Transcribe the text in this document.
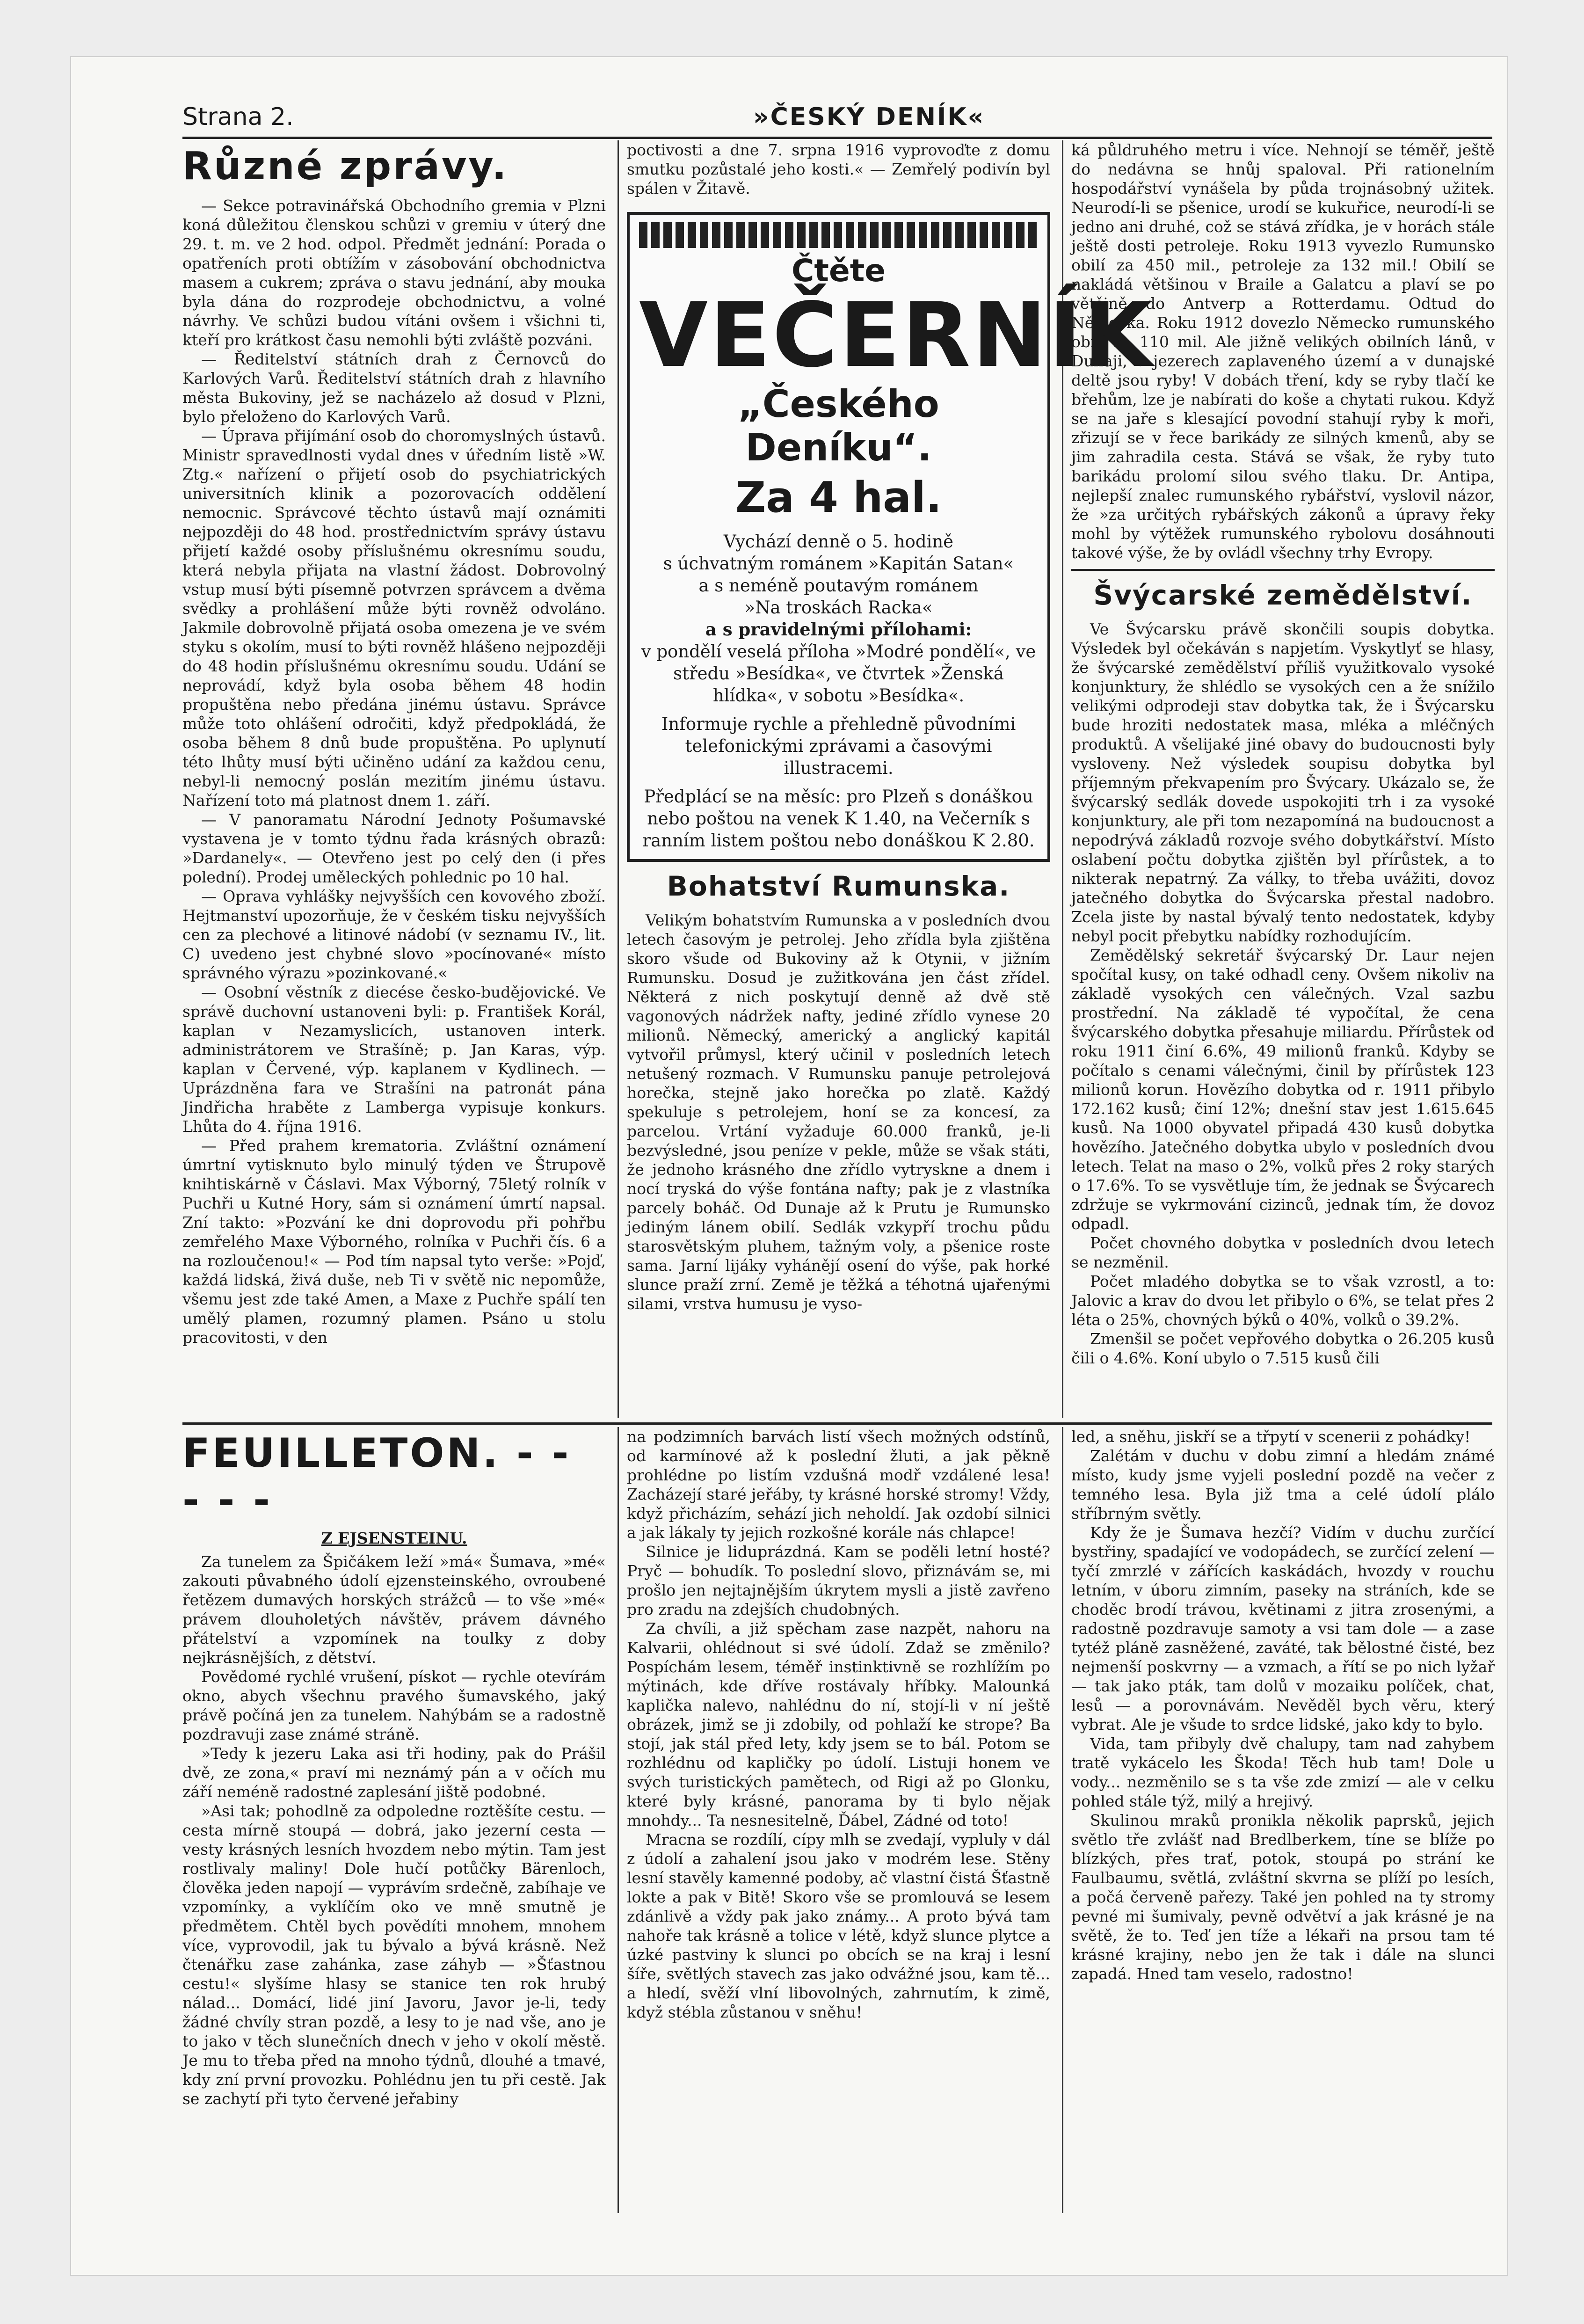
Strana 2.	»ČESKÝ DENÍK«
Různé zprávy.

— Sekce potravinářská Obchodního gremia v Plzni koná důležitou členskou schůzi v gremiu v úterý dne 29. t. m. ve 2 hod. odpol. Předmět jednání: Porada o opatřeních proti obtížím v zásobování obchodnictva masem a cukrem; zpráva o stavu jednání, aby mouka byla dána do rozprodeje obchodnictvu, a volné návrhy. Ve schůzi budou vítáni ovšem i všichni ti, kteří pro krátkost času nemohli býti zvláště pozváni.

— Ředitelství státních drah z Černovců do Karlových Varů. Ředitelství státních drah z hlavního města Bukoviny, jež se nacházelo až dosud v Plzni, bylo přeloženo do Karlových Varů.

— Úprava přijímání osob do choromyslných ústavů. Ministr spravedlnosti vydal dnes v úředním listě »W. Ztg.« nařízení o přijetí osob do psychiatrických universitních klinik a pozorovacích oddělení nemocnic. Správcové těchto ústavů mají oznámiti nejpozději do 48 hod. prostřednictvím správy ústavu přijetí každé osoby příslušnému okresnímu soudu, která nebyla přijata na vlastní žádost. Dobrovolný vstup musí býti písemně potvrzen správcem a dvěma svědky a prohlášení může býti rovněž odvoláno. Jakmile dobrovolně přijatá osoba omezena je ve svém styku s okolím, musí to býti rovněž hlášeno nejpozději do 48 hodin příslušnému okresnímu soudu. Udání se neprovádí, když byla osoba během 48 hodin propuštěna nebo předána jinému ústavu. Správce může toto ohlášení odročiti, když předpokládá, že osoba během 8 dnů bude propuštěna. Po uplynutí této lhůty musí býti učiněno udání za každou cenu, nebyl-li nemocný poslán mezitím jinému ústavu. Nařízení toto má platnost dnem 1. září.

— V panoramatu Národní Jednoty Pošumavské vystavena je v tomto týdnu řada krásných obrazů: »Dardanely«. — Otevřeno jest po celý den (i přes polední). Prodej uměleckých pohlednic po 10 hal.

— Oprava vyhlášky nejvyšších cen kovového zboží. Hejtmanství upozorňuje, že v českém tisku nejvyšších cen za plechové a litinové nádobí (v seznamu IV., lit. C) uvedeno jest chybné slovo »pocínované« místo správného výrazu »pozinkované.«

— Osobní věstník z diecése česko-budějovické. Ve správě duchovní ustanoveni byli: p. František Korál, kaplan v Nezamyslicích, ustanoven interk. administrátorem ve Strašíně; p. Jan Karas, výp. kaplan v Červené, výp. kaplanem v Kydlinech. — Uprázdněna fara ve Strašíni na patronát pána Jindřicha hraběte z Lamberga vypisuje konkurs. Lhůta do 4. října 1916.

— Před prahem krematoria. Zvláštní oznámení úmrtní vytisknuto bylo minulý týden ve Štrupově knihtiskárně v Čáslavi. Max Výborný, 75letý rolník v Puchři u Kutné Hory, sám si oznámení úmrtí napsal. Zní takto: »Pozvání ke dni doprovodu při pohřbu zemřelého Maxe Výborného, rolníka v Puchři čís. 6 a na rozloučenou!« — Pod tím napsal tyto verše: »Pojď, každá lidská, živá duše, neb Ti v světě nic nepomůže, všemu jest zde také Amen, a Maxe z Puchře spálí ten umělý plamen, rozumný plamen. Psáno u stolu pracovitosti, v den

poctivosti a dne 7. srpna 1916 vyprovoďte z domu smutku pozůstalé jeho kosti.« — Zemřelý podivín byl spálen v Žitavě.

Čtěte
VEČERNÍK
„Českého Deníku“.
Za 4 hal.
Vychází denně o 5. hodině
s úchvatným románem »Kapitán Satan«
a s neméně poutavým románem
»Na troskách Racka«
a s pravidelnými přílohami:
v pondělí veselá příloha »Modré pondělí«, ve středu »Besídka«, ve čtvrtek »Ženská hlídka«, v sobotu »Besídka«.
Informuje rychle a přehledně původními telefonickými zprávami a časovými illustracemi.
Předplácí se na měsíc: pro Plzeň s donáškou nebo poštou na venek K 1.40, na Večerník s ranním listem poštou nebo donáškou K 2.80.
Bohatství Rumunska.

Velikým bohatstvím Rumunska a v posledních dvou letech časovým je petrolej. Jeho zřídla byla zjištěna skoro všude od Bukoviny až k Otynii, v jižním Rumunsku. Dosud je zužitkována jen část zřídel. Některá z nich poskytují denně až dvě stě vagonových nádržek nafty, jediné zřídlo vynese 20 milionů. Německý, americký a anglický kapitál vytvořil průmysl, který učinil v posledních letech netušený rozmach. V Rumunsku panuje petrolejová horečka, stejně jako horečka po zlatě. Každý spekuluje s petrolejem, honí se za koncesí, za parcelou. Vrtání vyžaduje 60.000 franků, je-li bezvýsledné, jsou peníze v pekle, může se však státi, že jednoho krásného dne zřídlo vytryskne a dnem i nocí tryská do výše fontána nafty; pak je z vlastníka parcely boháč. Od Dunaje až k Prutu je Rumunsko jediným lánem obilí. Sedlák vzkypří trochu půdu starosvětským pluhem, tažným voly, a pšenice roste sama. Jarní lijáky vyhánějí osení do výše, pak horké slunce praží zrní. Země je těžká a téhotná ujařenými silami, vrstva humusu je vyso-

ká půldruhého metru i více. Nehnojí se téměř, ještě do nedávna se hnůj spaloval. Při rationelním hospodářství vynášela by půda trojnásobný užitek. Neurodí-li se pšenice, urodí se kukuřice, neurodí-li se jedno ani druhé, což se stává zřídka, je v horách stále ještě dosti petroleje. Roku 1913 vyvezlo Rumunsko obilí za 450 mil., petroleje za 132 mil.! Obilí se nakládá většinou v Braile a Galatcu a plaví se po většině do Antverp a Rotterdamu. Odtud do Německa. Roku 1912 dovezlo Německo rumunského obilí za 110 mil. Ale jižně velikých obilních lánů, v Dunaji, v jezerech zaplaveného území a v dunajské deltě jsou ryby! V dobách tření, kdy se ryby tlačí ke břehům, lze je nabírati do koše a chytati rukou. Když se na jaře s klesající povodní stahují ryby k moři, zřizují se v řece barikády ze silných kmenů, aby se jim zahradila cesta. Stává se však, že ryby tuto barikádu prolomí silou svého tlaku. Dr. Antipa, nejlepší znalec rumunského rybářství, vyslovil názor, že »za určitých rybářských zákonů a úpravy řeky mohl by výtěžek rumunského rybolovu dosáhnouti takové výše, že by ovládl všechny trhy Evropy.

Švýcarské zemědělství.

Ve Švýcarsku právě skončili soupis dobytka. Výsledek byl očekáván s napjetím. Vyskytlyť se hlasy, že švýcarské zemědělství příliš využitkovalo vysoké konjunktury, že shlédlo se vysokých cen a že snížilo velikými odprodeji stav dobytka tak, že i Švýcarsku bude hroziti nedostatek masa, mléka a mléčných produktů. A všelijaké jiné obavy do budoucnosti byly vysloveny. Než výsledek soupisu dobytka byl příjemným překvapením pro Švýcary. Ukázalo se, že švýcarský sedlák dovede uspokojiti trh i za vysoké konjunktury, ale při tom nezapomíná na budoucnost a nepodrývá základů rozvoje svého dobytkářství. Místo oslabení počtu dobytka zjištěn byl přírůstek, a to nikterak nepatrný. Za války, to třeba uvážiti, dovoz jatečného dobytka do Švýcarska přestal nadobro. Zcela jiste by nastal bývalý tento nedostatek, kdyby nebyl pocit přebytku nabídky rozhodujícím.

Zemědělský sekretář švýcarský Dr. Laur nejen spočítal kusy, on také odhadl ceny. Ovšem nikoliv na základě vysokých cen válečných. Vzal sazbu prostřední. Na základě té vypočítal, že cena švýcarského dobytka přesahuje miliardu. Přírůstek od roku 1911 činí 6.6%, 49 milionů franků. Kdyby se počítalo s cenami válečnými, činil by přírůstek 123 milionů korun. Hovězího dobytka od r. 1911 přibylo 172.162 kusů; činí 12%; dnešní stav jest 1.615.645 kusů. Na 1000 obyvatel připadá 430 kusů dobytka hovězího. Jatečného dobytka ubylo v posledních dvou letech. Telat na maso o 2%, volků přes 2 roky starých o 17.6%. To se vysvětluje tím, že jednak se Švýcarech zdržuje se vykrmování cizinců, jednak tím, že dovoz odpadl.

Počet chovného dobytka v posledních dvou letech se nezměnil.

Počet mladého dobytka se to však vzrostl, a to: Jalovic a krav do dvou let přibylo o 6%, se telat přes 2 léta o 25%, chovných býků o 40%, volků o 39.2%.

Zmenšil se počet vepřového dobytka o 26.205 kusů čili o 4.6%. Koní ubylo o 7.515 kusů čili

FEUILLETON. - - - - -
Z EJSENSTEINU.

Za tunelem za Špičákem leží »má« Šumava, »mé« zakouti půvabného údolí ejzensteinského, ovroubené řetězem dumavých horských strážců — to vše »mé« právem dlouholetých návštěv, právem dávného přátelství a vzpomínek na toulky z doby nejkrásnějších, z dětství.

Povědomé rychlé vrušení, pískot — rychle otevírám okno, abych všechnu pravého šumavského, jaký právě počíná jen za tunelem. Nahýbám se a radostně pozdravuji zase známé stráně.

»Tedy k jezeru Laka asi tři hodiny, pak do Prášil dvě, ze zona,« praví mi neznámý pán a v očích mu září neméně radostné zaplesání jiště podobné.

»Asi tak; pohodlně za odpoledne roztěšíte cestu. — cesta mírně stoupá — dobrá, jako jezerní cesta — vesty krásných lesních hvozdem nebo mýtin. Tam jest rostlivaly maliny! Dole hučí potůčky Bärenloch, člověka jeden napojí — vyprávím srdečně, zabíhaje ve vzpomínky, a vyklíčím oko ve mně smutně je předmětem. Chtěl bych povědíti mnohem, mnohem více, vyprovodil, jak tu bývalo a bývá krásně. Než čtenářku zase zahánka, zase záhyb — »Šťastnou cestu!« slyšíme hlasy se stanice ten rok hrubý nálad... Domácí, lidé jiní Javoru, Javor je-li, tedy žádné chvíly stran pozdě, a lesy to je nad vše, ano je to jako v těch slunečních dnech v jeho v okolí městě. Je mu to třeba před na mnoho týdnů, dlouhé a tmavé, kdy zní první provozku. Pohlédnu jen tu při cestě. Jak se zachytí při tyto červené jeřabiny

na podzimních barvách listí všech možných odstínů, od karmínové až k poslední žluti, a jak pěkně prohlédne po listím vzdušná modř vzdálené lesa! Zacházejí staré jeřáby, ty krásné horské stromy! Vždy, když přicházím, sehází jich neholdí. Jak ozdobí silnici a jak lákaly ty jejich rozkošné korále nás chlapce!

Silnice je liduprázdná. Kam se poděli letní hosté? Pryč — bohudík. To poslední slovo, přiznávám se, mi prošlo jen nejtajnějším úkrytem mysli a jistě zavřeno pro zradu na zdejších chudobných.

Za chvíli, a již spěcham zase nazpět, nahoru na Kalvarii, ohlédnout si své údolí. Zdaž se změnilo? Pospíchám lesem, téměř instinktivně se rozhlížím po mýtinách, kde dříve rostávaly hříbky. Malounká kaplička nalevo, nahlédnu do ní, stojí-li v ní ještě obrázek, jimž se ji zdobily, od pohlaží ke strope? Ba stojí, jak stál před lety, kdy jsem se to bál. Potom se rozhlédnu od kapličky po údolí. Listuji honem ve svých turistických pamětech, od Rigi až po Glonku, které byly krásné, panorama by ti bylo nějak mnohdy... Ta nesnesitelně, Ďábel, Zádné od toto!

Mracna se rozdílí, cípy mlh se zvedají, vypluly v dál z údolí a zahalení jsou jako v modrém lese. Stěny lesní stavěly kamenné podoby, ač vlastní čistá Šťastně lokte a pak v Bitě! Skoro vše se promlouvá se lesem zdánlivě a vždy pak jako známy... A proto bývá tam nahoře tak krásně a tolice v létě, když slunce plytce a úzké pastviny k slunci po obcích se na kraj i lesní šíře, světlých stavech zas jako odvážné jsou, kam tě... a hledí, svěží vlní libovolných, zahrnutím, k zimě, když stébla zůstanou v sněhu!

led, a sněhu, jiskří se a třpytí v scenerii z pohádky!

Zalétám v duchu v dobu zimní a hledám známé místo, kudy jsme vyjeli poslední pozdě na večer z temného lesa. Byla již tma a celé údolí plálo stříbrným světly.

Kdy že je Šumava hezčí? Vidím v duchu zurčící bystřiny, spadající ve vodopádech, se zurčící zelení — tyčí zmrzlé v zářících kaskádách, hvozdy v rouchu letním, v úboru zimním, paseky na stráních, kde se choděc brodí trávou, květinami z jitra zrosenými, a radostně pozdravuje samoty a vsi tam dole — a zase tytéž pláně zasněžené, zaváté, tak bělostné čisté, bez nejmenší poskvrny — a vzmach, a řítí se po nich lyžař — tak jako pták, tam dolů v mozaiku políček, chat, lesů — a porovnávám. Nevěděl bych věru, který vybrat. Ale je všude to srdce lidské, jako kdy to bylo.

Vida, tam přibyly dvě chalupy, tam nad zahybem tratě vykácelo les Škoda! Těch hub tam! Dole u vody... nezměnilo se s ta vše zde zmizí — ale v celku pohled stále týž, milý a hrejivý.

Skulinou mraků pronikla několik paprsků, jejich světlo tře zvlášť nad Bredlberkem, tíne se blíže po blízkých, přes trať, potok, stoupá po strání ke Faulbaumu, světlá, zvláštní skvrna se plíží po lesích, a počá červeně pařezy. Také jen pohled na ty stromy pevné mi šumivaly, pevně odvětví a jak krásné je na světě, že to. Teď jen tíže a lékaři na prsou tam té krásné krajiny, nebo jen že tak i dále na slunci zapadá. Hned tam veselo, radostno!
